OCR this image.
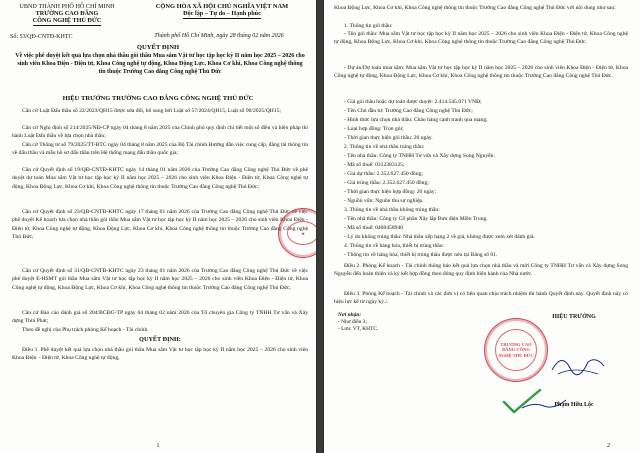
UBND THÀNH PHỐ HỒ CHÍ MINH
TRƯỜNG CAO ĐẲNG
CÔNG NGHỆ THỦ ĐỨC
CỘNG HÒA XÃ HỘI CHỦ NGHĨA VIỆT NAM
Độc lập – Tự do – Hạnh phúc
Số: 53/QĐ-CNTĐ-KHTC	Thành phố Hồ Chí Minh, ngày 28 tháng 02 năm 2026
QUYẾT ĐỊNH
Về việc phê duyệt kết quả lựa chọn nhà thầu gói thầu Mua sắm Vật tư học tập học kỳ II năm học 2025 – 2026 cho sinh viên Khoa Điện - Điện tử, Khoa Công nghệ tự động, Khoa Động Lực, Khoa Cơ khí, Khoa Công nghệ thông tin thuộc Trường Cao đẳng Công nghệ Thủ Đức
HIỆU TRƯỞNG TRƯỜNG CAO ĐẲNG CÔNG NGHỆ THỦ ĐỨC
Căn cứ Luật Đấu thầu số 22/2023/QH15 được sửa đổi, bổ sung bởi Luật số 57/2024/QH15, Luật số 90/2025/QH15;
Căn cứ Nghị định số 214/2025/NĐ-CP ngày 04 tháng 8 năm 2025 của Chính phủ quy định chi tiết một số điều và biện pháp thi hành Luật Đấu thầu về lựa chọn nhà thầu;
Căn cứ Thông tư số 79/2025/TT-BTC ngày 04 tháng 8 năm 2025 của Bộ Tài chính Hướng dẫn việc cung cấp, đăng tải thông tin về đấu thầu và mẫu hồ sơ đấu thầu trên Hệ thống mạng đấu thầu quốc gia;
Căn cứ Quyết định số 19/QĐ-CNTĐ-KHTC ngày 14 tháng 01 năm 2026 của Trường Cao đẳng Công nghệ Thủ Đức về phê duyệt dự toán Mua sắm Vật tư học tập học kỳ II năm học 2025 – 2026 cho sinh viên Khoa Điện - Điện tử, Khoa Công nghệ tự động, Khoa Động Lực, Khoa Cơ khí, Khoa Công nghệ thông tin thuộc Trường Cao đẳng Công nghệ Thủ Đức;
Căn cứ Quyết định số 23/QĐ-CNTĐ-KHTC ngày 17 tháng 01 năm 2026 của Trường Cao đẳng Công nghệ Thủ Đức về việc phê duyệt Kế hoạch lựa chọn nhà thầu gói thầu Mua sắm Vật tư học tập học kỳ II năm học 2025 – 2026 cho sinh viên Khoa Điện - Điện tử, Khoa Công nghệ tự động, Khoa Động Lực, Khoa Cơ khí, Khoa Công nghệ thông tin thuộc Trường Cao đẳng Công nghệ Thủ Đức;
Căn cứ Quyết định số 31/QĐ-CNTĐ-KHTC ngày 23 tháng 01 năm 2026 của Trường Cao đẳng Công nghệ Thủ Đức về việc phê duyệt E-HSMT gói thầu Mua sắm Vật tư học tập học kỳ II năm học 2025 – 2026 cho sinh viên Khoa Điện - Điện tử, Khoa Công nghệ tự động, Khoa Động Lực, Khoa Cơ khí, Khoa Công nghệ thông tin thuộc Trường Cao đẳng Công nghệ Thủ Đức;
Căn cứ Báo cáo đánh giá số 204/BCĐG-TP ngày 04 tháng 02 năm 2026 của Tổ chuyên gia Công ty TNHH Tư vấn và Xây dựng Thìn Phát;
Theo đề nghị của Phụ trách phòng Kế hoạch - Tài chính.
QUYẾT ĐỊNH:
Điều 1. Phê duyệt kết quả lựa chọn nhà thầu gói thầu Mua sắm Vật tư học tập học kỳ II năm học 2025 – 2026 cho sinh viên Khoa Điện – Điện tử, Khoa Công nghệ tự động,
★
1
Khoa Động Lực, Khoa Cơ khí, Khoa Công nghệ thông tin thuộc Trường Cao đẳng Công nghệ Thủ Đức với nội dung như sau:
1. Thông tin gói thầu:
- Tên gói thầu: Mua sắm Vật tư học tập học kỳ II năm học 2025 – 2026 cho sinh viên Khoa Điện - Điện tử, Khoa Công nghệ tự động, Khoa Động Lực, Khoa Cơ khí, Khoa Công nghệ thông tin thuộc Trường Cao đẳng Công nghệ Thủ Đức.
- Dự án/Dự toán mua sắm: Mua sắm Vật tư học tập học kỳ II năm học 2025 – 2026 cho sinh viên Khoa Điện - Điện tử, Khoa Công nghệ tự động, Khoa Động Lực, Khoa Cơ khí, Khoa Công nghệ thông tin thuộc Trường Cao đẳng Công nghệ Thủ Đức.
- Giá gói thầu hoặc dự toán được duyệt: 2.414.545.071 VNĐ;
- Tên Chủ đầu tư: Trường Cao đẳng Công nghệ Thủ Đức;
- Hình thức lựa chọn nhà thầu: Chào hàng cạnh tranh qua mạng;
- Loại hợp đồng: Trọn gói;
- Thời gian thực hiện gói thầu: 20 ngày.
2. Thông tin về nhà thầu trúng thầu:
- Tên nhà thầu: Công ty TNHH Tư vấn và Xây dựng Song Nguyễn.
- Mã số thuế: 0312383125;
- Giá dự thầu: 2.352.627.450 đồng;
- Giá trúng thầu: 2.352.627.450 đồng;
- Thời gian thực hiện hợp đồng: 20 ngày;
- Nguồn vốn: Nguồn thu sự nghiệp.
3. Thông tin về nhà thầu không trúng thầu:
- Tên nhà thầu: Công ty Cổ phần Xây lắp Bưu điện Miền Trung.
- Mã số thuế: 0400458940
- Lý do không trúng thầu: Nhà thầu xếp hạng 2 về giá, không được xem xét đánh giá.
4. Thông tin về hàng hóa, thiết bị trúng thầu:
- Thông tin về hàng hóa, thiết bị trúng thầu được nêu tại Bảng số 01.
Điều 2. Phòng Kế hoạch - Tài chính thông báo kết quả lựa chọn nhà thầu và mời Công ty TNHH Tư vấn và Xây dựng Song Nguyễn đến hoàn thiện và ký kết hợp đồng theo đúng quy định hiện hành của Nhà nước.
Điều 3. Phòng Kế hoạch - Tài chính và các đơn vị có liên quan chịu trách nhiệm thi hành Quyết định này. Quyết định này có hiệu lực kể từ ngày ký./.
Nơi nhận:
- Như điều 3;
- Lưu: VT, KHTC.
HIỆU TRƯỞNG
TRƯỜNG CAO ĐẲNG CÔNG NGHỆ THỦ ĐỨC
Phạm Hữu Lộc
2
